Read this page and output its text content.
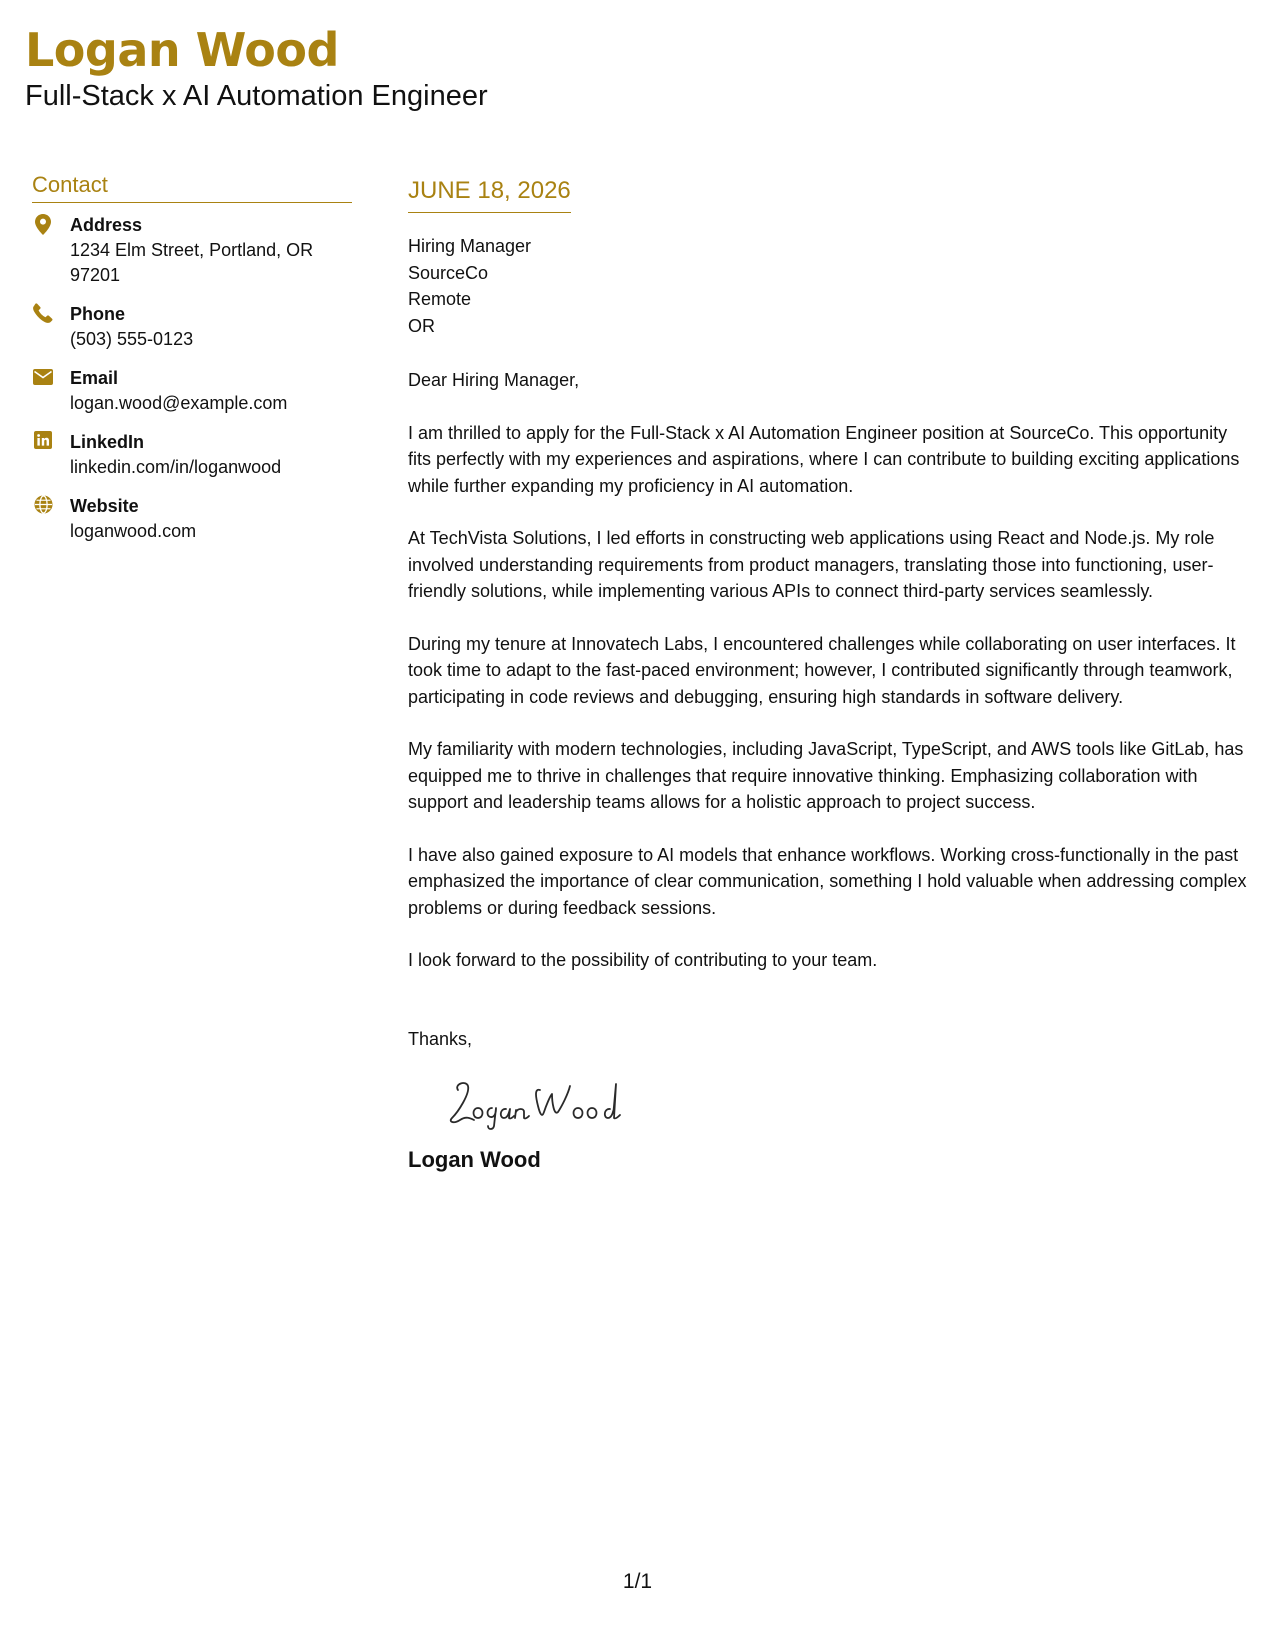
Logan Wood
Full-Stack x AI Automation Engineer
Contact
Address
1234 Elm Street, Portland, OR 97201
Phone
(503) 555-0123
Email
logan.wood@example.com
LinkedIn
linkedin.com/in/loganwood
Website
loganwood.com
JUNE 18, 2026
Hiring Manager
SourceCo
Remote
OR
Dear Hiring Manager,
I am thrilled to apply for the Full-Stack x AI Automation Engineer position at SourceCo. This opportunity fits perfectly with my experiences and aspirations, where I can contribute to building exciting applications while further expanding my proficiency in AI automation.
At TechVista Solutions, I led efforts in constructing web applications using React and Node.js. My role involved understanding requirements from product managers, translating those into functioning, user-friendly solutions, while implementing various APIs to connect third-party services seamlessly.
During my tenure at Innovatech Labs, I encountered challenges while collaborating on user interfaces. It took time to adapt to the fast-paced environment; however, I contributed significantly through teamwork, participating in code reviews and debugging, ensuring high standards in software delivery.
My familiarity with modern technologies, including JavaScript, TypeScript, and AWS tools like GitLab, has equipped me to thrive in challenges that require innovative thinking. Emphasizing collaboration with support and leadership teams allows for a holistic approach to project success.
I have also gained exposure to AI models that enhance workflows. Working cross-functionally in the past emphasized the importance of clear communication, something I hold valuable when addressing complex problems or during feedback sessions.
I look forward to the possibility of contributing to your team.
Thanks,
Logan Wood
1/1
